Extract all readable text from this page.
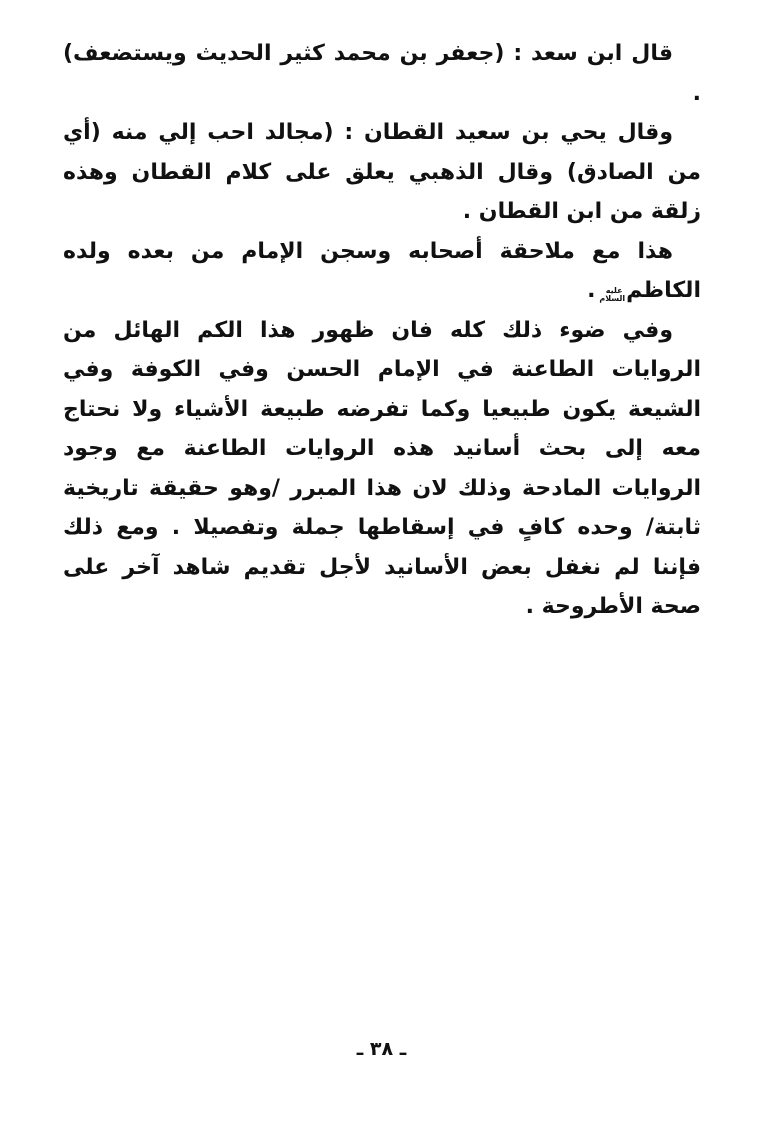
قال ابن سعد : (جعفر بن محمد كثير الحديث ويستضعف) .

وقال يحي بن سعيد القطان : (مجالد احب إلي منه (أي من الصادق) وقال الذهبي يعلق على كلام القطان وهذه زلقة من ابن القطان .

هذا مع ملاحقة أصحابه وسجن الإمام من بعده ولده الكاظمعليه السلام .

وفي ضوء ذلك كله فان ظهور هذا الكم الهائل من الروايات الطاعنة في الإمام الحسن وفي الكوفة وفي الشيعة يكون طبيعيا وكما تفرضه طبيعة الأشياء ولا نحتاج معه إلى بحث أسانيد هذه الروايات الطاعنة مع وجود الروايات المادحة وذلك لان هذا المبرر /وهو حقيقة تاريخية ثابتة/ وحده كافٍ في إسقاطها جملة وتفصيلا . ومع ذلك فإننا لم نغفل بعض الأسانيد لأجل تقديم شاهد آخر على صحة الأطروحة .

ـ ٣٨ ـ
